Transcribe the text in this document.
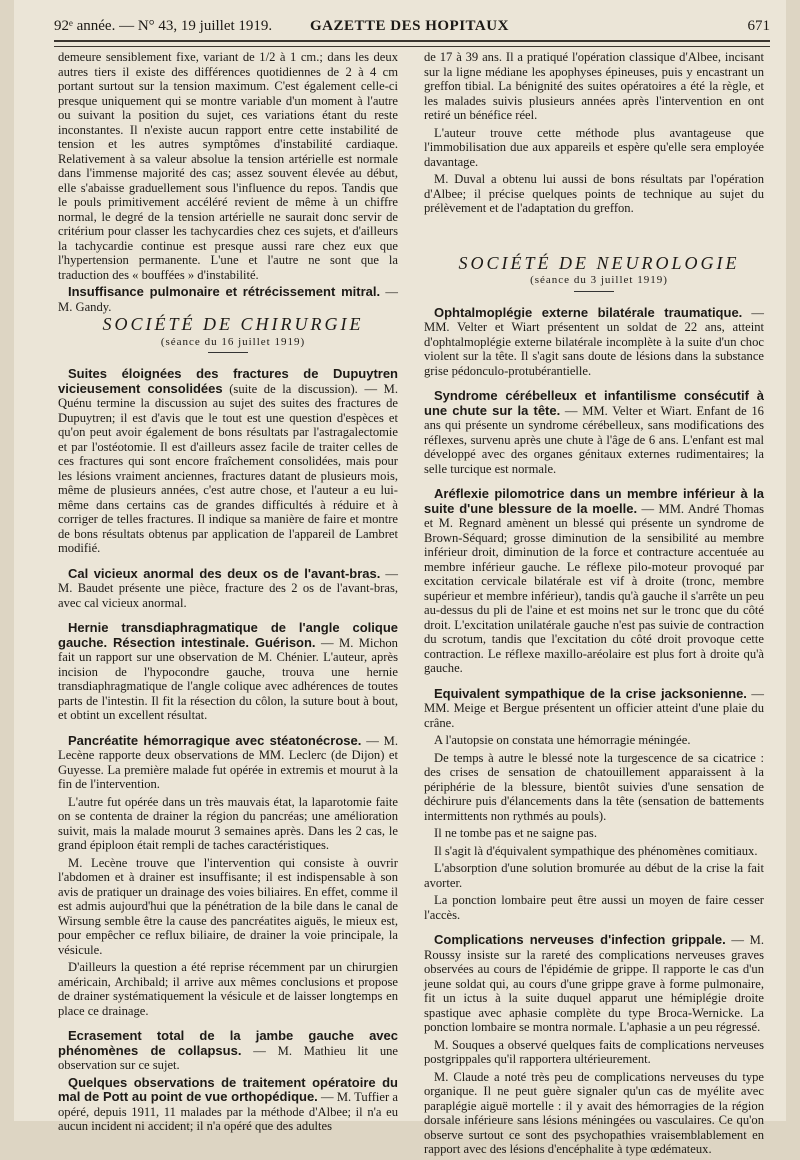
92ᵉ année. — N° 43, 19 juillet 1919.	GAZETTE DES HOPITAUX	671

demeure sensiblement fixe, variant de 1/2 à 1 cm.; dans les deux autres tiers il existe des différences quotidiennes de 2 à 4 cm portant surtout sur la tension maximum. C'est également celle-ci presque uniquement qui se montre variable d'un moment à l'autre ou suivant la position du sujet, ces variations étant du reste inconstantes. Il n'existe aucun rapport entre cette instabilité de tension et les autres symptômes d'instabilité cardiaque. Relativement à sa valeur absolue la tension artérielle est normale dans l'immense majorité des cas; assez souvent élevée au début, elle s'abaisse graduellement sous l'influence du repos. Tandis que le pouls primitivement accéléré revient de même à un chiffre normal, le degré de la tension artérielle ne saurait donc servir de critérium pour classer les tachycardies chez ces sujets, et d'ailleurs la tachycardie continue est presque aussi rare chez eux que l'hypertension permanente. L'une et l'autre ne sont que la traduction des « bouffées » d'instabilité.

Insuffisance pulmonaire et rétrécissement mitral. — M. Gandy.

SOCIÉTÉ DE CHIRURGIE

(séance du 16 juillet 1919)

Suites éloignées des fractures de Dupuytren vicieusement consolidées (suite de la discussion). — M. Quénu termine la discussion au sujet des suites des fractures de Dupuytren; il est d'avis que le tout est une question d'espèces et qu'on peut avoir également de bons résultats par l'astragalectomie et par l'ostéotomie. Il est d'ailleurs assez facile de traiter celles de ces fractures qui sont encore fraîchement consolidées, mais pour les lésions vraiment anciennes, fractures datant de plusieurs mois, même de plusieurs années, c'est autre chose, et l'auteur a eu lui-même dans certains cas de grandes difficultés à réduire et à corriger de telles fractures. Il indique sa manière de faire et montre de bons résultats obtenus par application de l'appareil de Lambret modifié.

Cal vicieux anormal des deux os de l'avant-bras. — M. Baudet présente une pièce, fracture des 2 os de l'avant-bras, avec cal vicieux anormal.

Hernie transdiaphragmatique de l'angle colique gauche. Résection intestinale. Guérison. — M. Michon fait un rapport sur une observation de M. Chénier. L'auteur, après incision de l'hypocondre gauche, trouva une hernie transdiaphragmatique de l'angle colique avec adhérences de toutes parts de l'intestin. Il fit la résection du côlon, la suture bout à bout, et obtint un excellent résultat.

Pancréatite hémorragique avec stéatonécrose. — M. Lecène rapporte deux observations de MM. Leclerc (de Dijon) et Guyesse. La première malade fut opérée in extremis et mourut à la fin de l'intervention.

L'autre fut opérée dans un très mauvais état, la laparotomie faite on se contenta de drainer la région du pancréas; une amélioration suivit, mais la malade mourut 3 semaines après. Dans les 2 cas, le grand épiploon était rempli de taches caractéristiques.

M. Lecène trouve que l'intervention qui consiste à ouvrir l'abdomen et à drainer est insuffisante; il est indispensable à son avis de pratiquer un drainage des voies biliaires. En effet, comme il est admis aujourd'hui que la pénétration de la bile dans le canal de Wirsung semble être la cause des pancréatites aiguës, le mieux est, pour empêcher ce reflux biliaire, de drainer la voie principale, la vésicule.

D'ailleurs la question a été reprise récemment par un chirurgien américain, Archibald; il arrive aux mêmes conclusions et propose de drainer systématiquement la vésicule et de laisser longtemps en place ce drainage.

Ecrasement total de la jambe gauche avec phénomènes de collapsus. — M. Mathieu lit une observation sur ce sujet.

Quelques observations de traitement opératoire du mal de Pott au point de vue orthopédique. — M. Tuffier a opéré, depuis 1911, 11 malades par la méthode d'Albee; il n'a eu aucun incident ni accident; il n'a opéré que des adultes

de 17 à 39 ans. Il a pratiqué l'opération classique d'Albee, incisant sur la ligne médiane les apophyses épineuses, puis y encastrant un greffon tibial. La bénignité des suites opératoires a été la règle, et les malades suivis plusieurs années après l'intervention en ont retiré un bénéfice réel.

L'auteur trouve cette méthode plus avantageuse que l'immobilisation due aux appareils et espère qu'elle sera employée davantage.

M. Duval a obtenu lui aussi de bons résultats par l'opération d'Albee; il précise quelques points de technique au sujet du prélèvement et de l'adaptation du greffon.

SOCIÉTÉ DE NEUROLOGIE

(séance du 3 juillet 1919)

Ophtalmoplégie externe bilatérale traumatique. — MM. Velter et Wiart présentent un soldat de 22 ans, atteint d'ophtalmoplégie externe bilatérale incomplète à la suite d'un choc violent sur la tête. Il s'agit sans doute de lésions dans la substance grise pédonculo-protubérantielle.

Syndrome cérébelleux et infantilisme consécutif à une chute sur la tête. — MM. Velter et Wiart. Enfant de 16 ans qui présente un syndrome cérébelleux, sans modifications des réflexes, survenu après une chute à l'âge de 6 ans. L'enfant est mal développé avec des organes génitaux externes rudimentaires; la selle turcique est normale.

Aréflexie pilomotrice dans un membre inférieur à la suite d'une blessure de la moelle. — MM. André Thomas et M. Regnard amènent un blessé qui présente un syndrome de Brown-Séquard; grosse diminution de la sensibilité au membre inférieur droit, diminution de la force et contracture accentuée au membre inférieur gauche. Le réflexe pilo-moteur provoqué par excitation cervicale bilatérale est vif à droite (tronc, membre supérieur et membre inférieur), tandis qu'à gauche il s'arrête un peu au-dessus du pli de l'aine et est moins net sur le tronc que du côté droit. L'excitation unilatérale gauche n'est pas suivie de contraction du scrotum, tandis que l'excitation du côté droit provoque cette contraction. Le réflexe maxillo-aréolaire est plus fort à droite qu'à gauche.

Equivalent sympathique de la crise jacksonienne. — MM. Meige et Bergue présentent un officier atteint d'une plaie du crâne.

A l'autopsie on constata une hémorragie méningée.

De temps à autre le blessé note la turgescence de sa cicatrice : des crises de sensation de chatouillement apparaissent à la périphérie de la blessure, bientôt suivies d'une sensation de déchirure puis d'élancements dans la tête (sensation de battements intermittents non rythmés au pouls).

Il ne tombe pas et ne saigne pas.

Il s'agit là d'équivalent sympathique des phénomènes comitiaux.

L'absorption d'une solution bromurée au début de la crise la fait avorter.

La ponction lombaire peut être aussi un moyen de faire cesser l'accès.

Complications nerveuses d'infection grippale. — M. Roussy insiste sur la rareté des complications nerveuses graves observées au cours de l'épidémie de grippe. Il rapporte le cas d'un jeune soldat qui, au cours d'une grippe grave à forme pulmonaire, fit un ictus à la suite duquel apparut une hémiplégie droite spastique avec aphasie complète du type Broca-Wernicke. La ponction lombaire se montra normale. L'aphasie a un peu régressé.

M. Souques a observé quelques faits de complications nerveuses postgrippales qu'il rapportera ultérieurement.

M. Claude a noté très peu de complications nerveuses du type organique. Il ne peut guère signaler qu'un cas de myélite avec paraplégie aiguë mortelle : il y avait des hémorragies de la région dorsale inférieure sans lésions méningées ou vasculaires. Ce qu'on observe surtout ce sont des psychopathies vraisemblablement en rapport avec des lésions d'encéphalite à type œdémateux.
